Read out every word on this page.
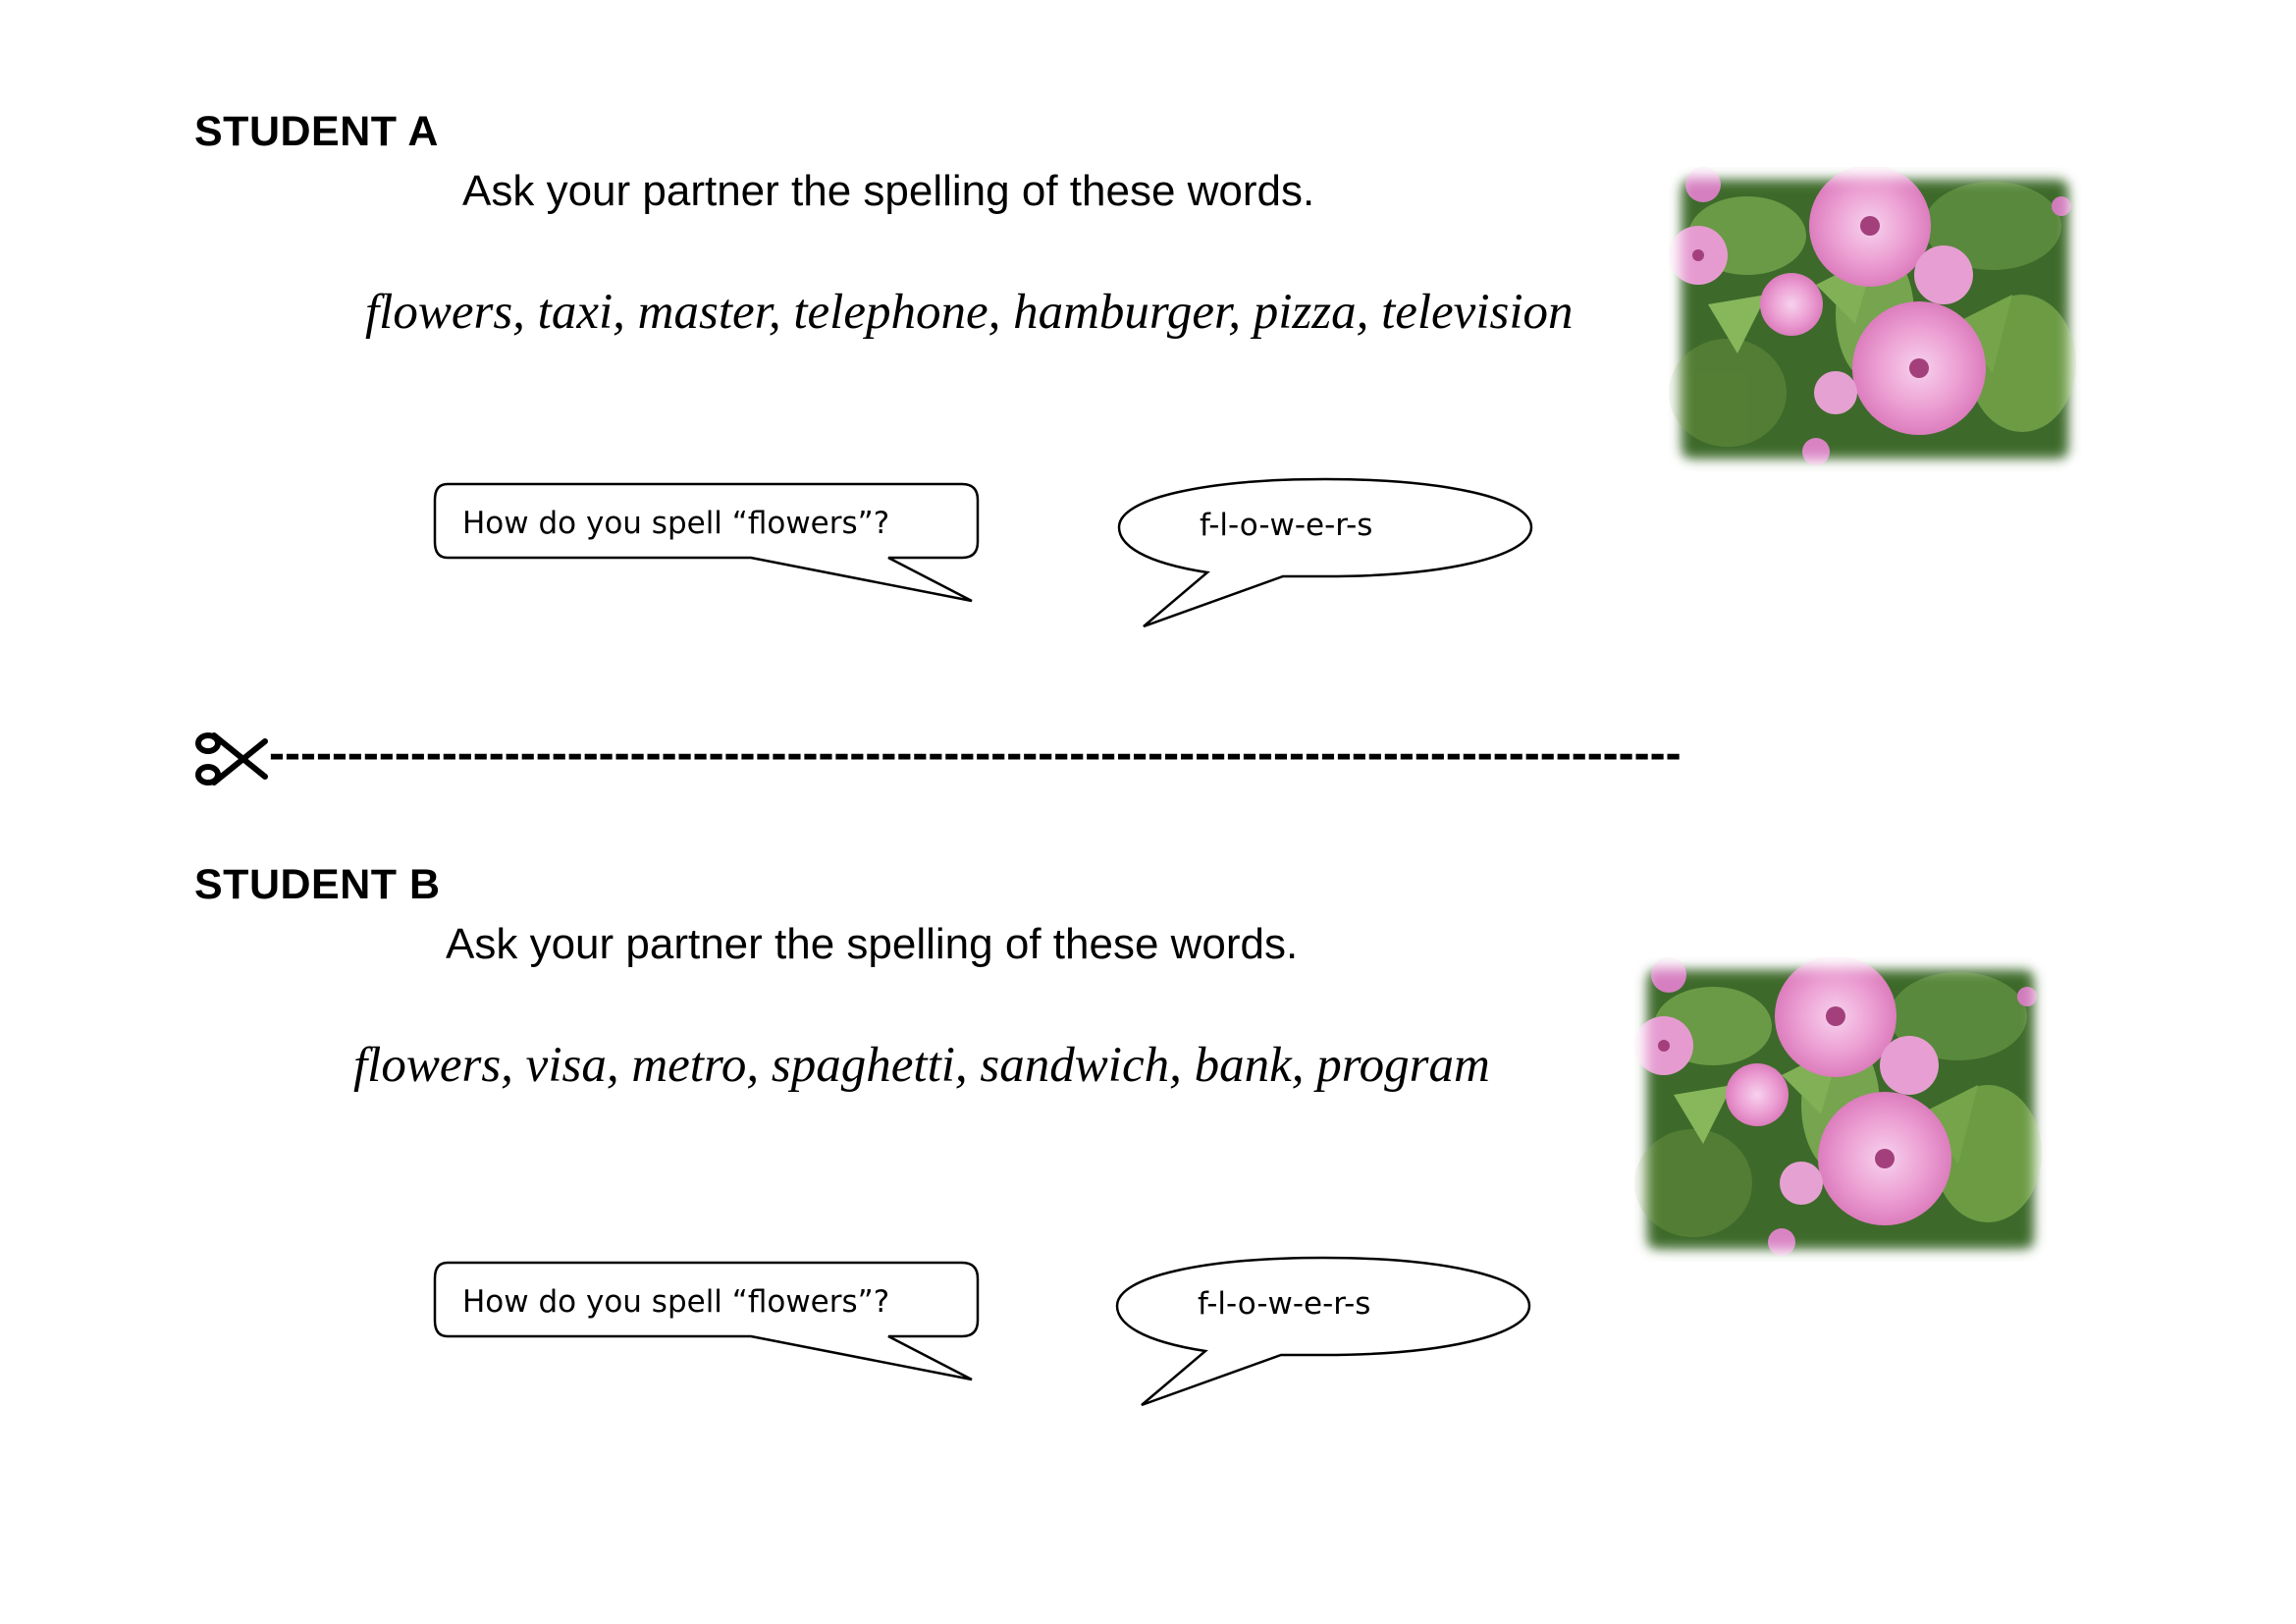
STUDENT A
Ask your partner the spelling of these words.
flowers, taxi, master, telephone, hamburger, pizza, television
How do you spell “flowers”?	f-l-o-w-e-r-s
------------------------------------------------------------------------------------------
STUDENT B
Ask your partner the spelling of these words.
flowers, visa, metro, spaghetti, sandwich, bank, program
How do you spell “flowers”?	f-l-o-w-e-r-s
